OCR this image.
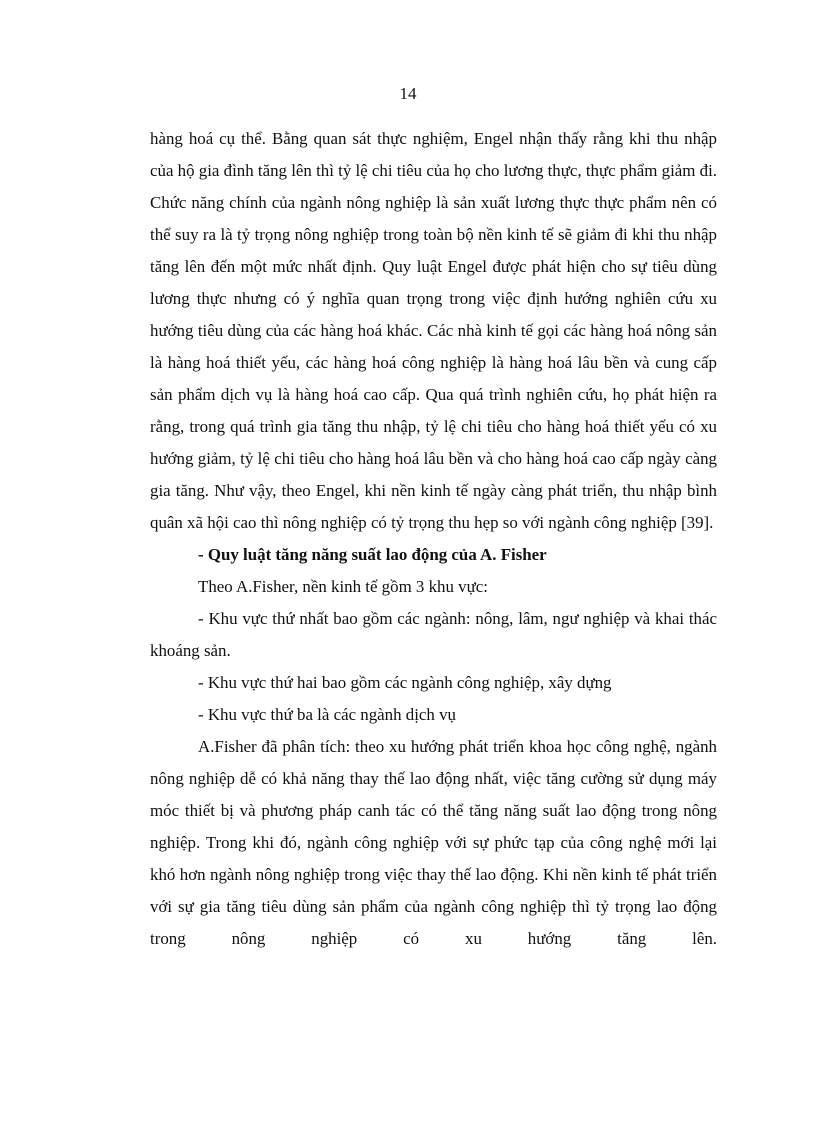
14

hàng hoá cụ thể. Bằng quan sát thực nghiệm, Engel nhận thấy rằng khi thu nhập của hộ gia đình tăng lên thì tỷ lệ chi tiêu của họ cho lương thực, thực phẩm giảm đi. Chức năng chính của ngành nông nghiệp là sản xuất lương thực thực phẩm nên có thể suy ra là tỷ trọng nông nghiệp trong toàn bộ nền kinh tế sẽ giảm đi khi thu nhập tăng lên đến một mức nhất định. Quy luật Engel được phát hiện cho sự tiêu dùng lương thực nhưng có ý nghĩa quan trọng trong việc định hướng nghiên cứu xu hướng tiêu dùng của các hàng hoá khác. Các nhà kinh tế gọi các hàng hoá nông sản là hàng hoá thiết yếu, các hàng hoá công nghiệp là hàng hoá lâu bền và cung cấp sản phẩm dịch vụ là hàng hoá cao cấp. Qua quá trình nghiên cứu, họ phát hiện ra rằng, trong quá trình gia tăng thu nhập, tỷ lệ chi tiêu cho hàng hoá thiết yếu có xu hướng giảm, tỷ lệ chi tiêu cho hàng hoá lâu bền và cho hàng hoá cao cấp ngày càng gia tăng. Như vậy, theo Engel, khi nền kinh tế ngày càng phát triển, thu nhập bình quân xã hội cao thì nông nghiệp có tỷ trọng thu hẹp so với ngành công nghiệp [39].

- Quy luật tăng năng suất lao động của A. Fisher

Theo A.Fisher, nền kinh tế gồm 3 khu vực:

- Khu vực thứ nhất bao gồm các ngành: nông, lâm, ngư nghiệp và khai thác khoáng sản.

- Khu vực thứ hai bao gồm các ngành công nghiệp, xây dựng

- Khu vực thứ ba là các ngành dịch vụ

A.Fisher đã phân tích: theo xu hướng phát triển khoa học công nghệ, ngành nông nghiệp dễ có khả năng thay thế lao động nhất, việc tăng cường sử dụng máy móc thiết bị và phương pháp canh tác có thể tăng năng suất lao động trong nông nghiệp. Trong khi đó, ngành công nghiệp với sự phức tạp của công nghệ mới lại khó hơn ngành nông nghiệp trong việc thay thế lao động. Khi nền kinh tế phát triển với sự gia tăng tiêu dùng sản phẩm của ngành công nghiệp thì tỷ trọng lao động trong nông nghiệp có xu hướng tăng lên.
